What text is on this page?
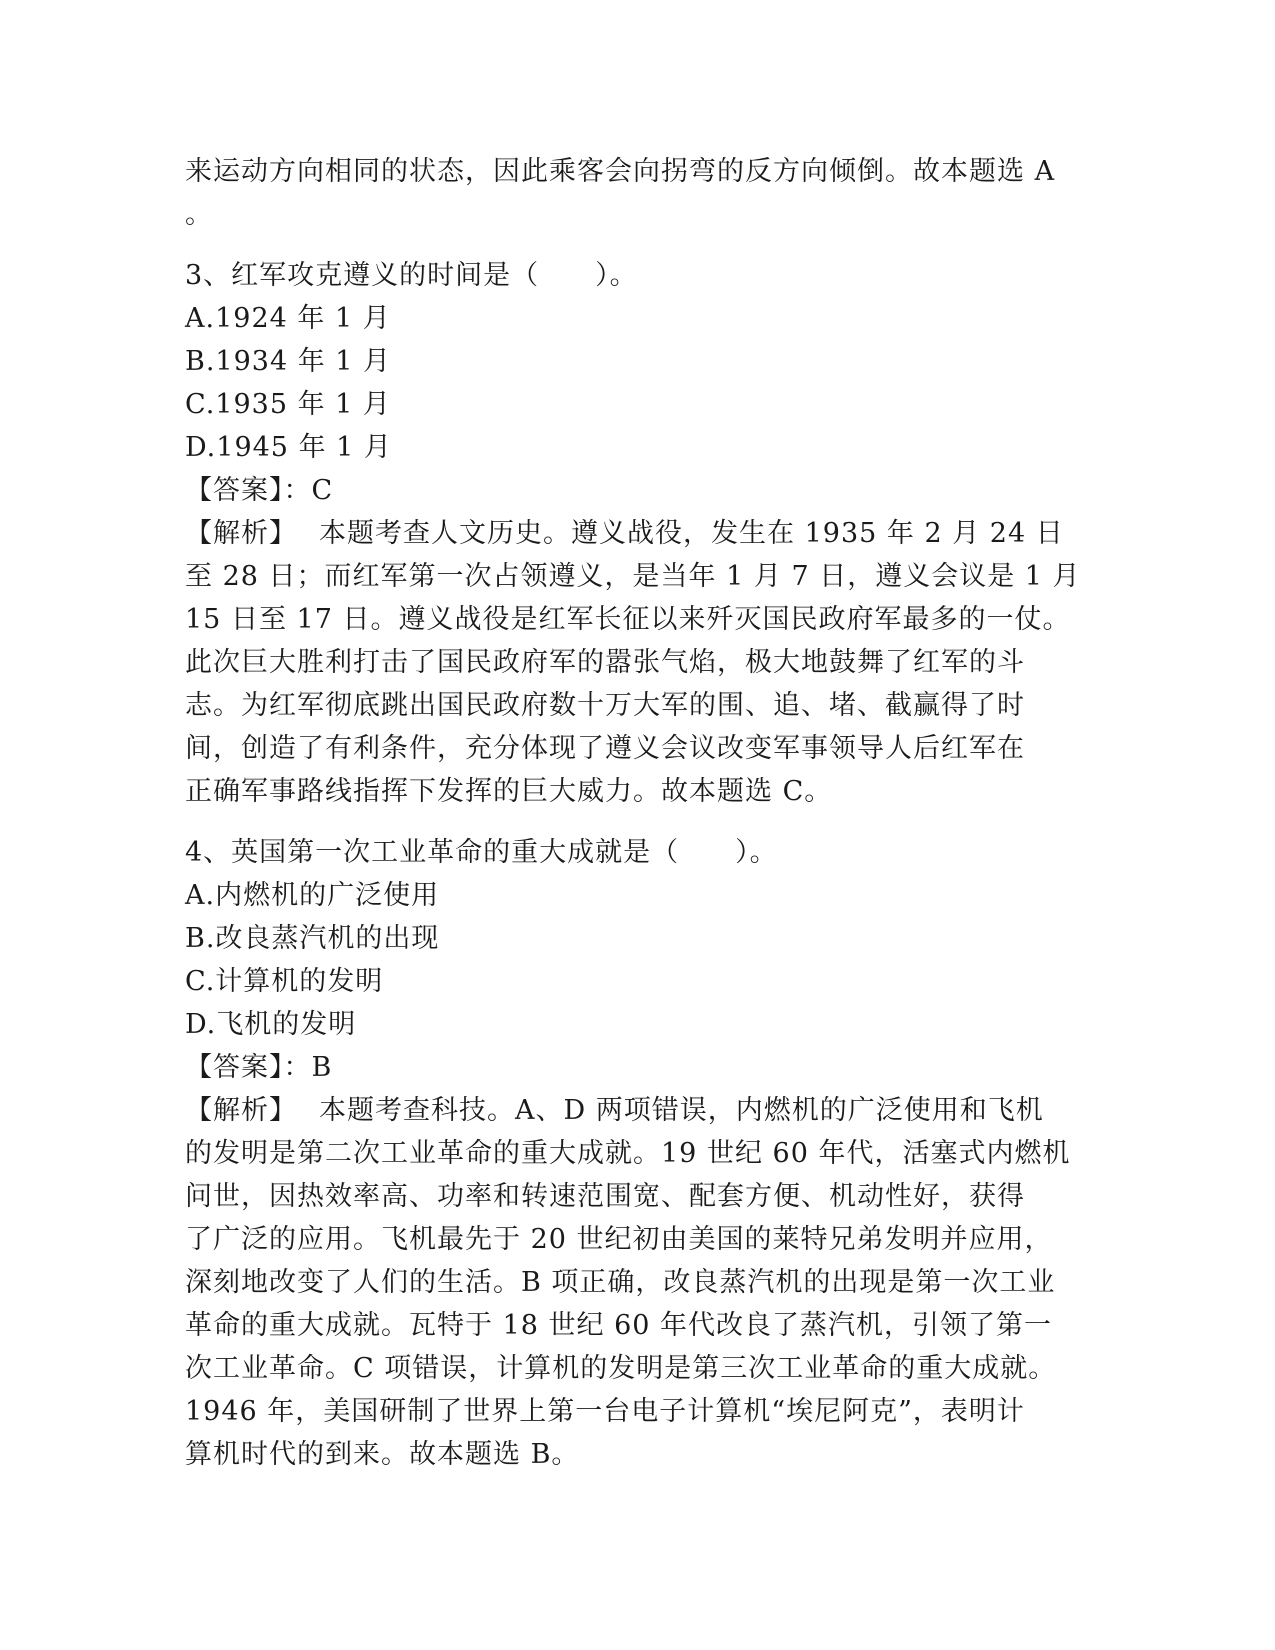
来运动方向相同的状态，因此乘客会向拐弯的反方向倾倒。故本题选 A
。
3、红军攻克遵义的时间是（　　）。
A.1924 年 1 月
B.1934 年 1 月
C.1935 年 1 月
D.1945 年 1 月
【答案】：C
【解析】 本题考查人文历史。遵义战役，发生在 1935 年 2 月 24 日
至 28 日；而红军第一次占领遵义，是当年 1 月 7 日，遵义会议是 1 月
15 日至 17 日。遵义战役是红军长征以来歼灭国民政府军最多的一仗。
此次巨大胜利打击了国民政府军的嚣张气焰，极大地鼓舞了红军的斗
志。为红军彻底跳出国民政府数十万大军的围、追、堵、截赢得了时
间，创造了有利条件，充分体现了遵义会议改变军事领导人后红军在
正确军事路线指挥下发挥的巨大威力。故本题选 C。
4、英国第一次工业革命的重大成就是（　　）。
A.内燃机的广泛使用
B.改良蒸汽机的出现
C.计算机的发明
D.飞机的发明
【答案】：B
【解析】 本题考查科技。A、D 两项错误，内燃机的广泛使用和飞机
的发明是第二次工业革命的重大成就。19 世纪 60 年代，活塞式内燃机
问世，因热效率高、功率和转速范围宽、配套方便、机动性好，获得
了广泛的应用。飞机最先于 20 世纪初由美国的莱特兄弟发明并应用，
深刻地改变了人们的生活。B 项正确，改良蒸汽机的出现是第一次工业
革命的重大成就。瓦特于 18 世纪 60 年代改良了蒸汽机，引领了第一
次工业革命。C 项错误，计算机的发明是第三次工业革命的重大成就。
1946 年，美国研制了世界上第一台电子计算机“埃尼阿克”，表明计
算机时代的到来。故本题选 B。
